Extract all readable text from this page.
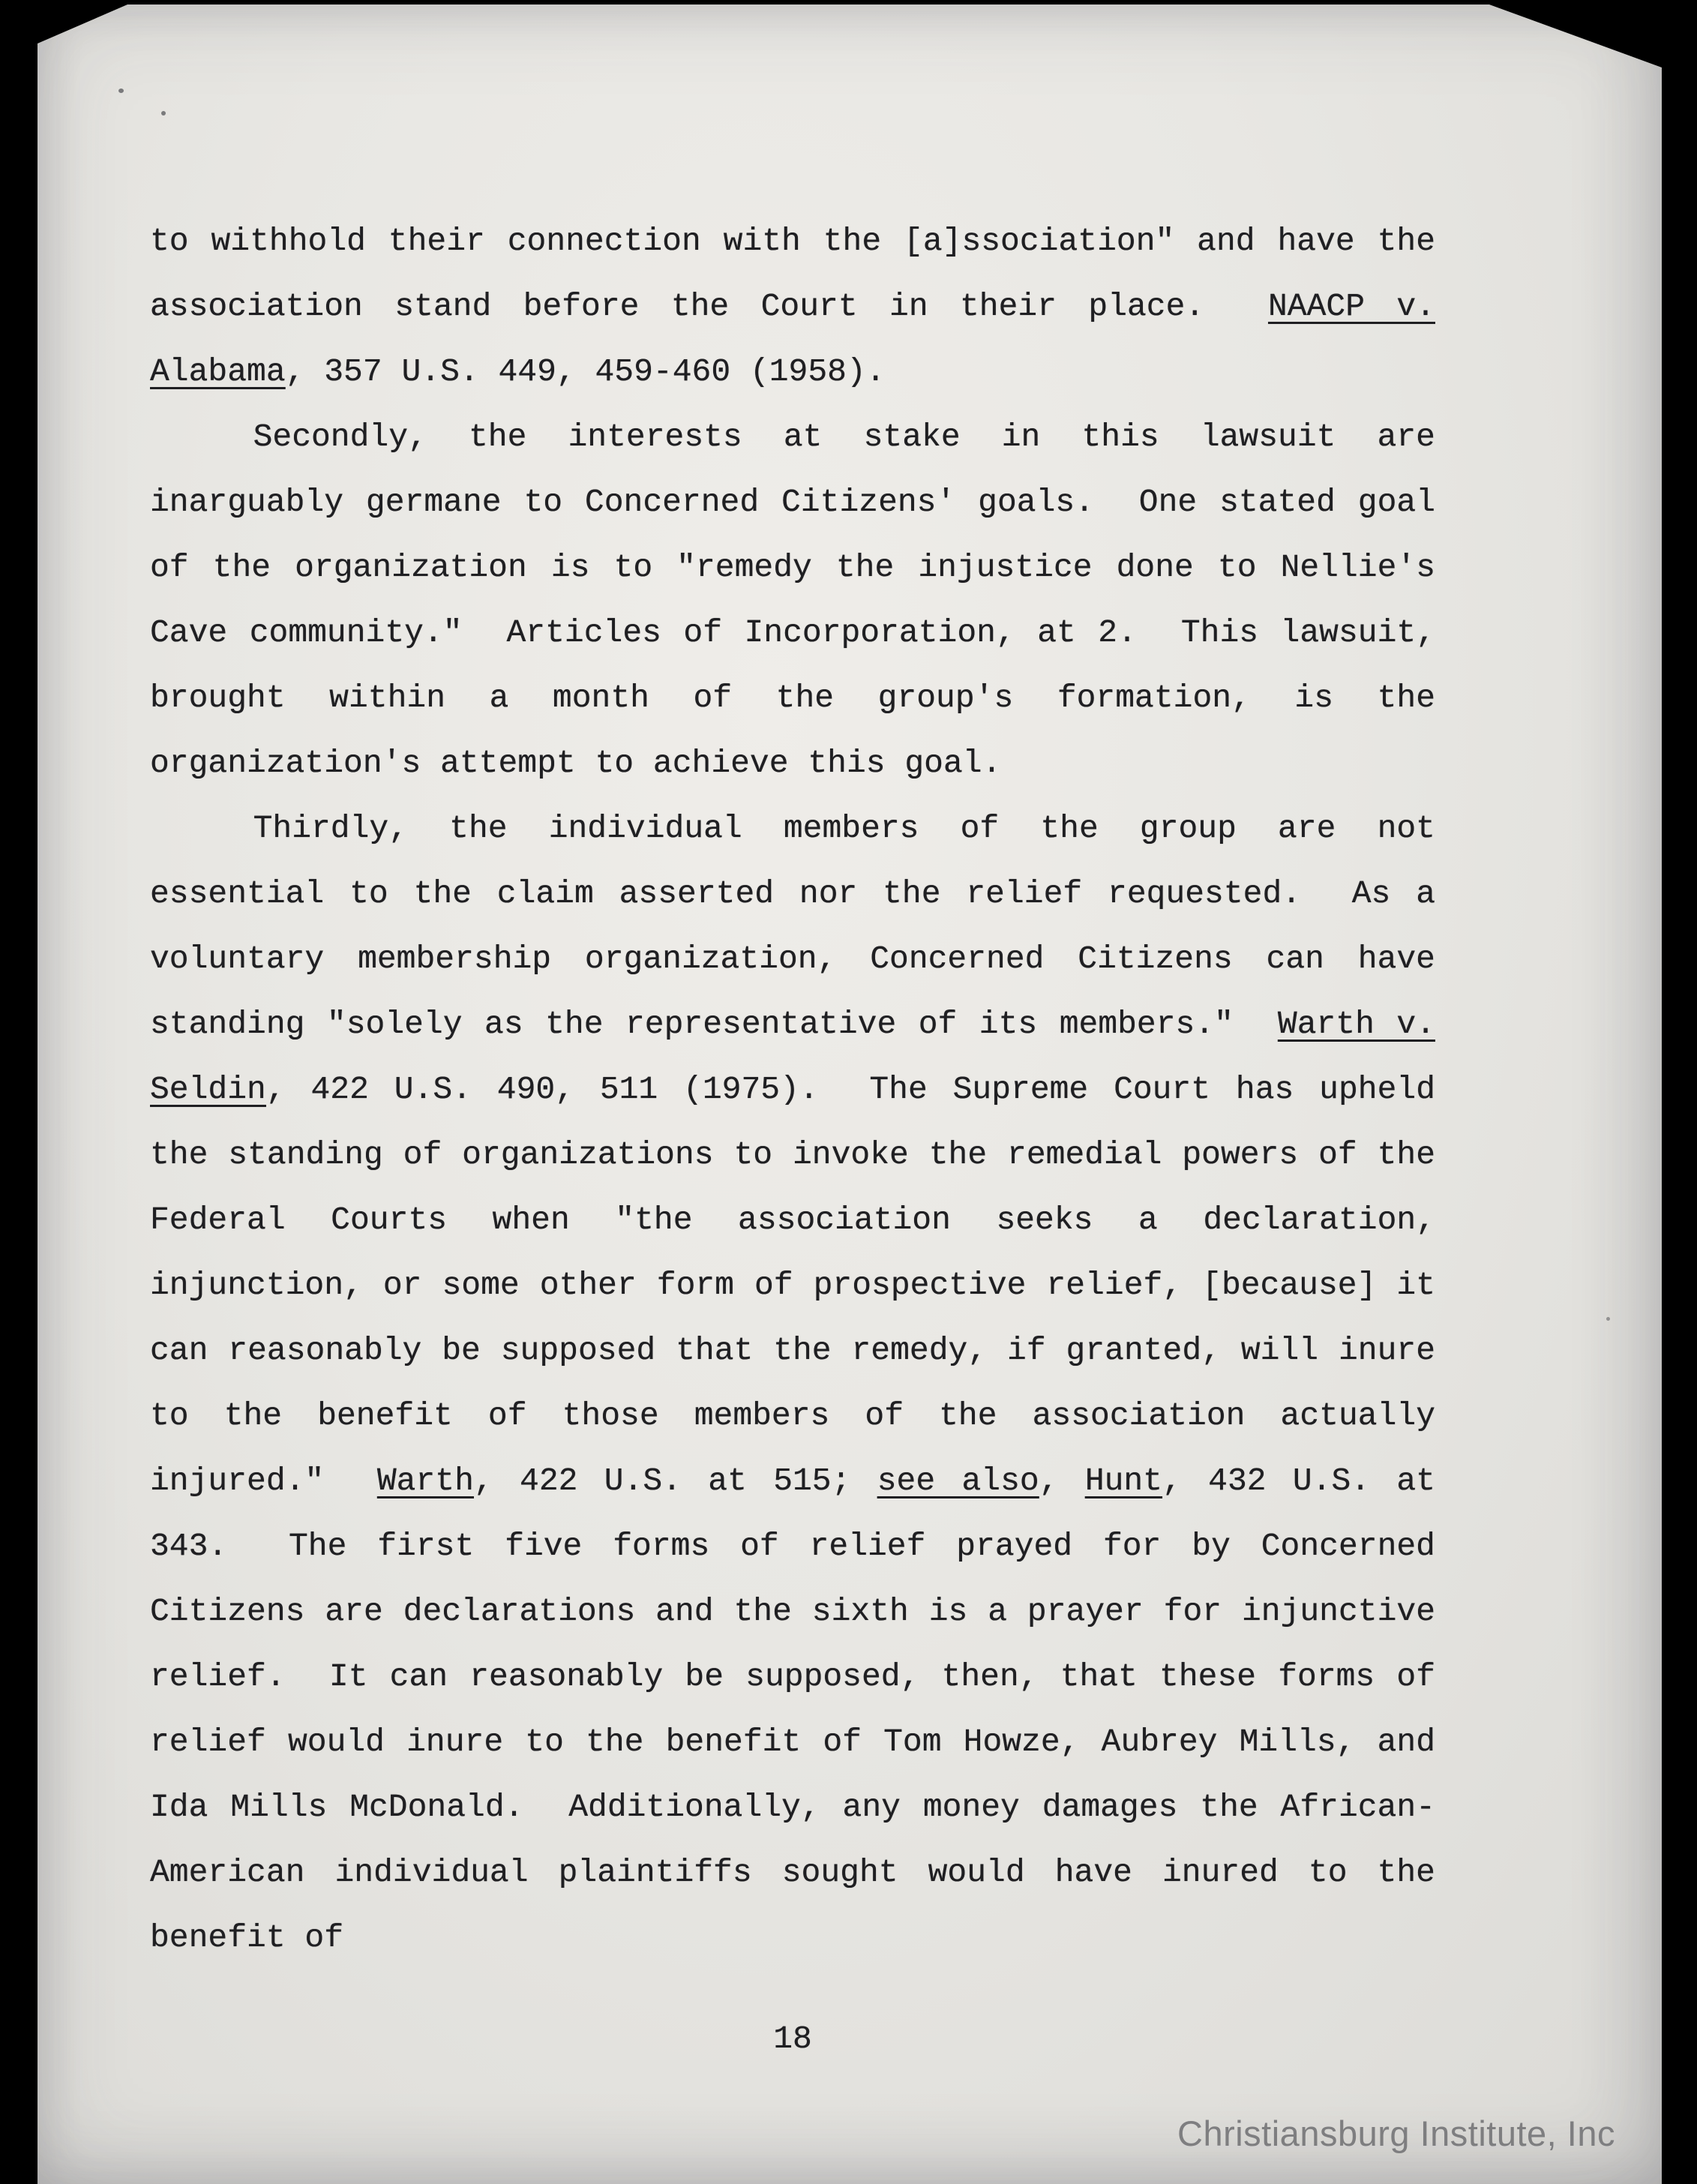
to withhold their connection with the [a]ssociation" and have the association stand before the Court in their place.  NAACP v. Alabama, 357 U.S. 449, 459-460 (1958).

Secondly, the interests at stake in this lawsuit are inarguably germane to Concerned Citizens' goals.  One stated goal of the organization is to "remedy the injustice done to Nellie's Cave community."  Articles of Incorporation, at 2.  This lawsuit, brought within a month of the group's formation, is the organization's attempt to achieve this goal.

Thirdly, the individual members of the group are not essential to the claim asserted nor the relief requested.  As a voluntary membership organization, Concerned Citizens can have standing "solely as the representative of its members."  Warth v. Seldin, 422 U.S. 490, 511 (1975).  The Supreme Court has upheld the standing of organizations to invoke the remedial powers of the Federal Courts when "the association seeks a declaration, injunction, or some other form of prospective relief, [because] it can reasonably be supposed that the remedy, if granted, will inure to the benefit of those members of the association actually injured."  Warth, 422 U.S. at 515; see also, Hunt, 432 U.S. at 343.  The first five forms of relief prayed for by Concerned Citizens are declarations and the sixth is a prayer for injunctive relief.  It can reasonably be supposed, then, that these forms of relief would inure to the benefit of Tom Howze, Aubrey Mills, and Ida Mills McDonald.  Additionally, any money damages the African-American individual plaintiffs sought would have inured to the benefit of

18
Christiansburg Institute, Inc
